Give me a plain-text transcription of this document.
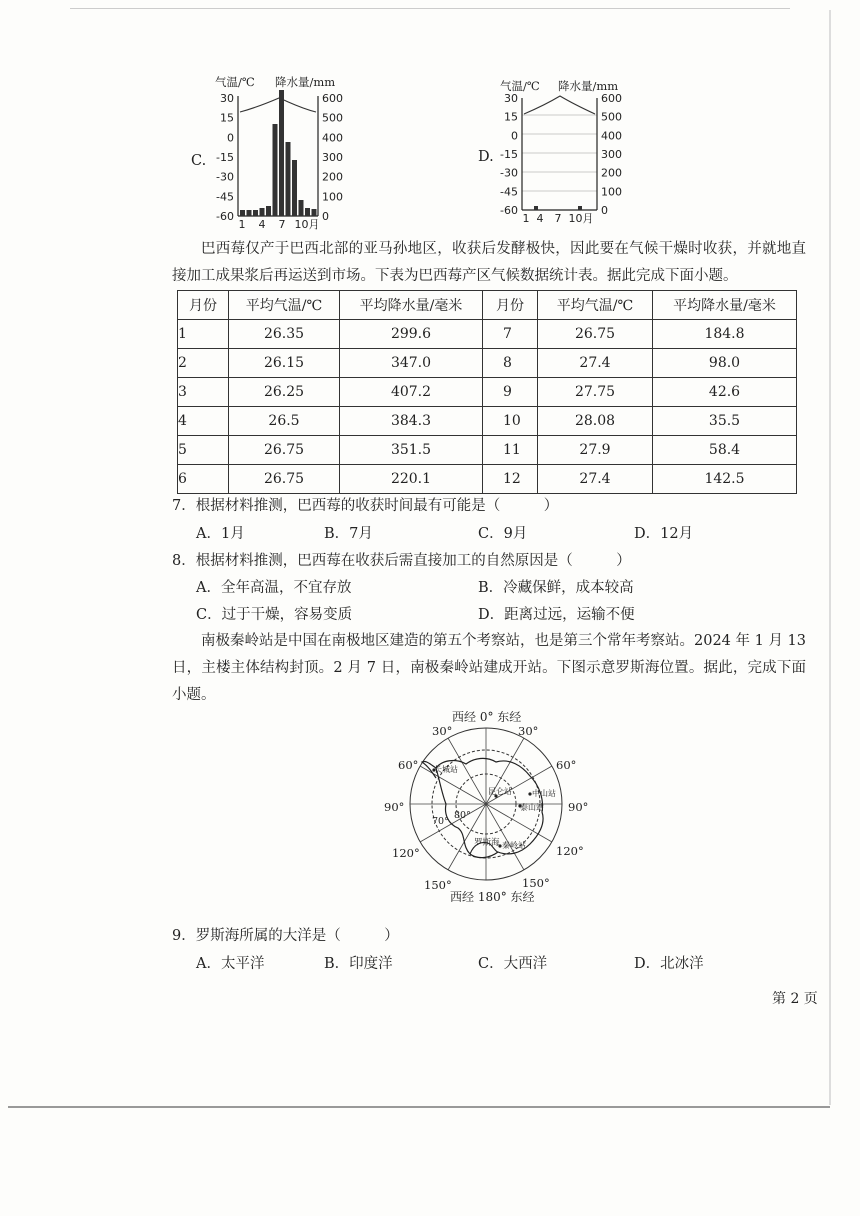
C.
气温/℃ 降水量/mm
30
15
0
-15
-30
-45
-60
600
500
400
300
200
100
0
1 4 7 10月
D.
气温/℃ 降水量/mm
30
15
0
-15
-30
-45
-60
600
500
400
300
200
100
0
1 4 7 10月
巴西莓仅产于巴西北部的亚马孙地区，收获后发酵极快，因此要在气候干燥时收获，并就地直接加工成果浆后再运送到市场。下表为巴西莓产区气候数据统计表。据此完成下面小题。
月份	平均气温/℃	平均降水量/毫米	月份	平均气温/℃	平均降水量/毫米
1	26.35	299.6	7	26.75	184.8
2	26.15	347.0	8	27.4	98.0
3	26.25	407.2	9	27.75	42.6
4	26.5	384.3	10	28.08	35.5
5	26.75	351.5	11	27.9	58.4
6	26.75	220.1	12	27.4	142.5
7．根据材料推测，巴西莓的收获时间最有可能是（　　　）
A．1月	B．7月	C．9月	D．12月
8．根据材料推测，巴西莓在收获后需直接加工的自然原因是（　　　）
A．全年高温，不宜存放	B．冷藏保鲜，成本较高
C．过于干燥，容易变质	D．距离过远，运输不便
南极秦岭站是中国在南极地区建造的第五个考察站，也是第三个常年考察站。2024 年 1 月 13 日，主楼主体结构封顶。2 月 7 日，南极秦岭站建成开站。下图示意罗斯海位置。据此，完成下面小题。
西经 0° 东经
西经 180° 东经
30°
60°
90°
120°
150°
30°
60°
90°
120°
150°
70°
80°
长城站
昆仑站	中山站
泰山站
罗斯海 秦岭站
9．罗斯海所属的大洋是（　　　）
A．太平洋	B．印度洋	C．大西洋	D．北冰洋
第 2 页
